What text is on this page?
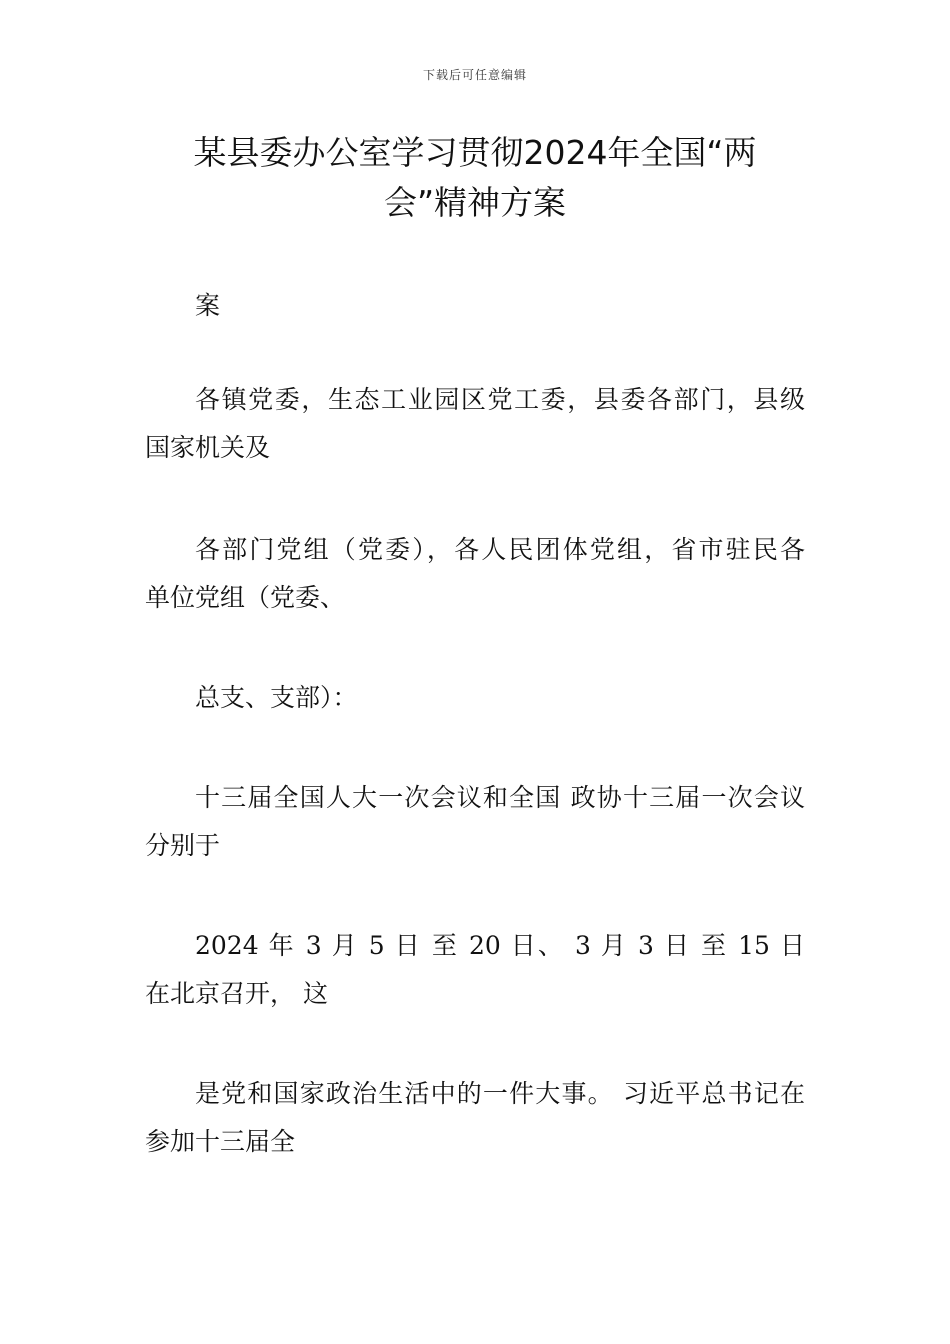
下载后可任意编辑
某县委办公室学习贯彻2024年全国“两
会”精神方案

案

各镇党委，生态工业园区党工委，县委各部门，县级
国家机关及

各部门党组（党委），各人民团体党组，省市驻民各
单位党组（党委、

总支、支部）：

十三届全国人大一次会议和全国 政协十三届一次会议
分别于

2024 年 3 月 5 日 至 20 日、 3 月 3 日 至 15 日
在北京召开， 这

是党和国家政治生活中的一件大事。 习近平总书记在
参加十三届全
